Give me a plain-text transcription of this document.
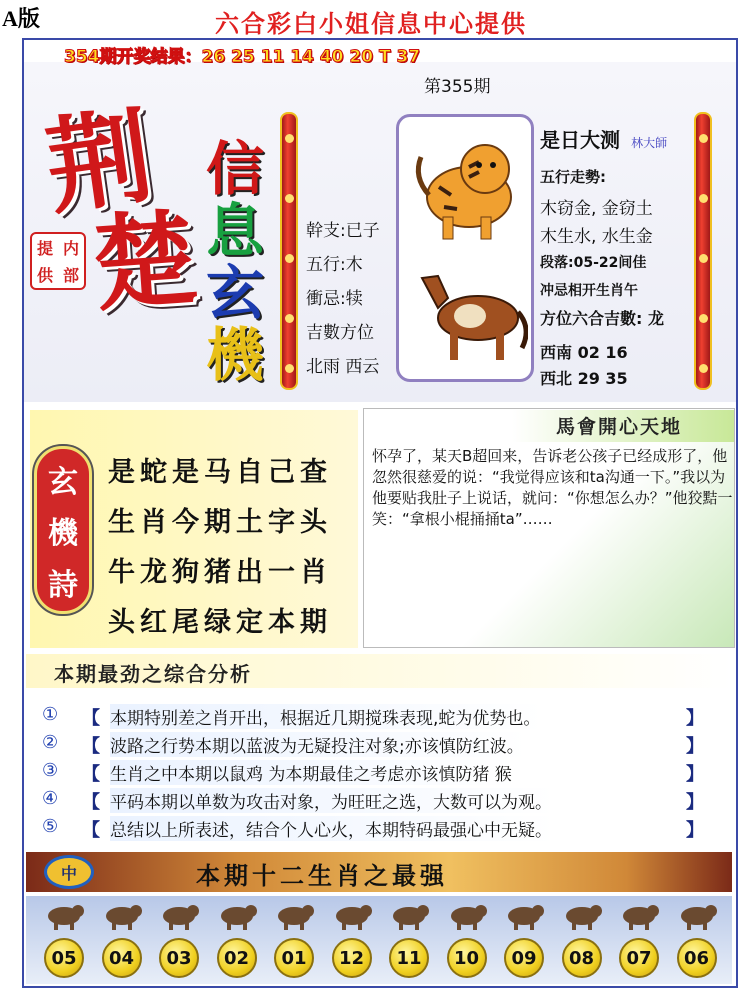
A版	六合彩白小姐信息中心提供
354期开奖结果：26 25 11 14 40 20 T 37
荆
楚
提 内
供 部
信
息
玄
機
第355期
幹支:已子
五行:木
衝忌:犊
吉數方位
北雨 西云
是日大测 林大師
五行走勢:
木窃金, 金窃土
木生水, 水生金
段落:05-22间佳
冲忌相开生肖午
方位六合吉數: 龙
西南 02 16
西北 29 35
玄
機
詩
是蛇是马自己查
生肖今期土字头
牛龙狗猪出一肖
头红尾绿定本期
馬會開心天地
怀孕了，某天B超回来，告诉老公孩子已经成形了，他忽然很慈爱的说：“我觉得应该和ta沟通一下。”我以为他要贴我肚子上说话，就问：“你想怎么办？”他狡黠一笑：“拿根小棍捅捅ta”……
本期最劲之综合分析
① 【 本期特别差之肖开出，根据近几期搅珠表现,蛇为优势也。	】
② 【 波路之行势本期以蓝波为无疑投注对象;亦该慎防红波。	】
③ 【 生肖之中本期以鼠鸡 为本期最佳之考虑亦该慎防猪 猴	】
④ 【 平码本期以单数为攻击对象，为旺旺之选，大数可以为观。	】
⑤ 【 总结以上所表述，结合个人心火，本期特码最强心中无疑。	】
中	本期十二生肖之最强
05	04	03	02	01	12	11	10	09	08	07	06
